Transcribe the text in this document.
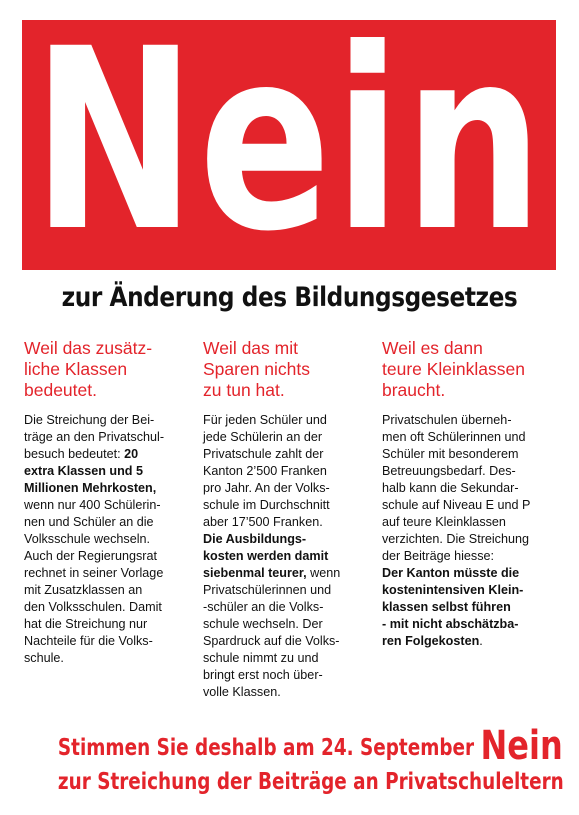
Nein
zur Änderung des Bildungsgesetzes
Weil das zusätz-
liche Klassen
bedeutet.
Die Streichung der Bei-
träge an den Privatschul-
besuch bedeutet: 20
extra Klassen und 5
Millionen Mehrkosten,
wenn nur 400 Schülerin-
nen und Schüler an die
Volksschule wechseln.
Auch der Regierungsrat
rechnet in seiner Vorlage
mit Zusatzklassen an
den Volksschulen. Damit
hat die Streichung nur
Nachteile für die Volks-
schule.
Weil das mit
Sparen nichts
zu tun hat.
Für jeden Schüler und
jede Schülerin an der
Privatschule zahlt der
Kanton 2’500 Franken
pro Jahr. An der Volks-
schule im Durchschnitt
aber 17’500 Franken.
Die Ausbildungs-
kosten werden damit
siebenmal teurer, wenn
Privatschülerinnen und
-schüler an die Volks-
schule wechseln. Der
Spardruck auf die Volks-
schule nimmt zu und
bringt erst noch über-
volle Klassen.
Weil es dann
teure Kleinklassen
braucht.
Privatschulen überneh-
men oft Schülerinnen und
Schüler mit besonderem
Betreuungsbedarf. Des-
halb kann die Sekundar-
schule auf Niveau E und P
auf teure Kleinklassen
verzichten. Die Streichung
der Beiträge hiesse:
Der Kanton müsste die
kostenintensiven Klein-
klassen selbst führen
- mit nicht abschätzba-
ren Folgekosten.
Stimmen Sie deshalb am 24. September Nein
zur Streichung der Beiträge an Privatschuleltern
